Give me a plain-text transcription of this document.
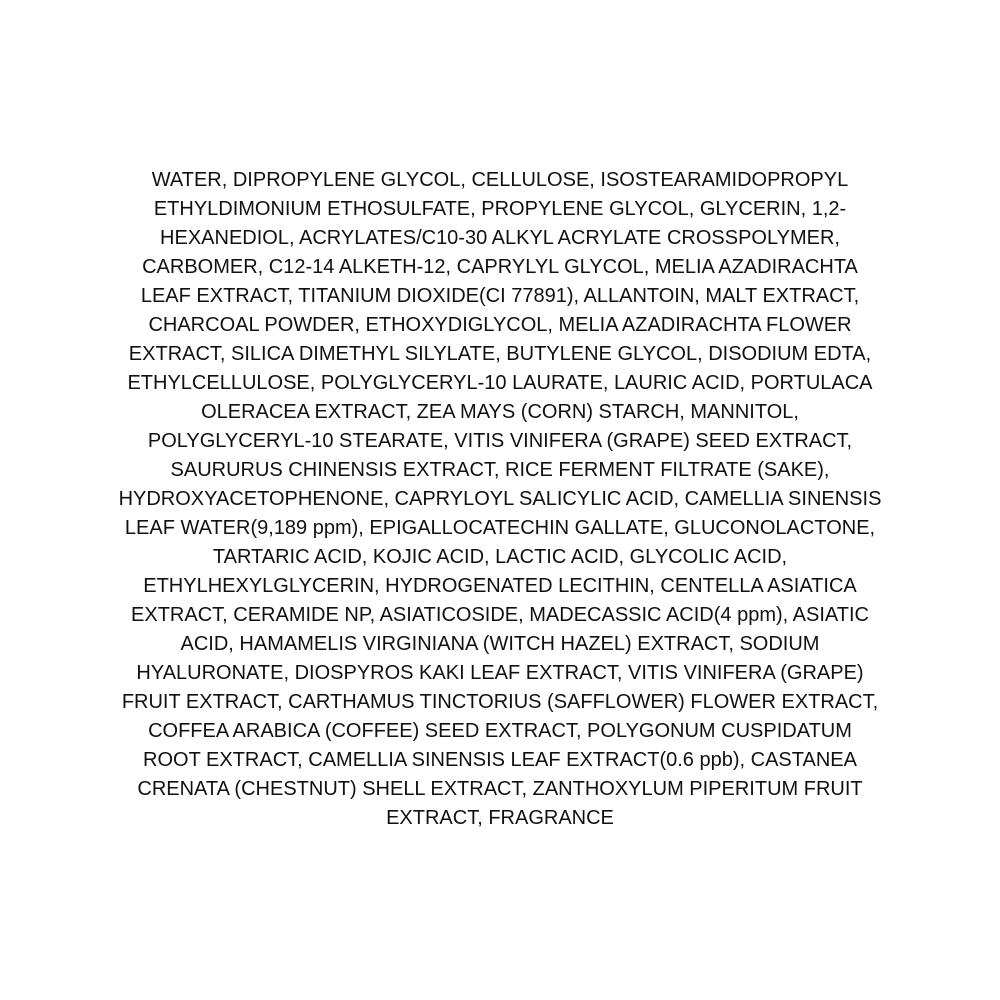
WATER, DIPROPYLENE GLYCOL, CELLULOSE, ISOSTEARAMIDOPROPYL
ETHYLDIMONIUM ETHOSULFATE, PROPYLENE GLYCOL, GLYCERIN, 1,2-
HEXANEDIOL, ACRYLATES/C10-30 ALKYL ACRYLATE CROSSPOLYMER,
CARBOMER, C12-14 ALKETH-12, CAPRYLYL GLYCOL, MELIA AZADIRACHTA
LEAF EXTRACT, TITANIUM DIOXIDE(CI 77891), ALLANTOIN, MALT EXTRACT,
CHARCOAL POWDER, ETHOXYDIGLYCOL, MELIA AZADIRACHTA FLOWER
EXTRACT, SILICA DIMETHYL SILYLATE, BUTYLENE GLYCOL, DISODIUM EDTA,
ETHYLCELLULOSE, POLYGLYCERYL-10 LAURATE, LAURIC ACID, PORTULACA
OLERACEA EXTRACT, ZEA MAYS (CORN) STARCH, MANNITOL,
POLYGLYCERYL-10 STEARATE, VITIS VINIFERA (GRAPE) SEED EXTRACT,
SAURURUS CHINENSIS EXTRACT, RICE FERMENT FILTRATE (SAKE),
HYDROXYACETOPHENONE, CAPRYLOYL SALICYLIC ACID, CAMELLIA SINENSIS
LEAF WATER(9,189 ppm), EPIGALLOCATECHIN GALLATE, GLUCONOLACTONE,
TARTARIC ACID, KOJIC ACID, LACTIC ACID, GLYCOLIC ACID,
ETHYLHEXYLGLYCERIN, HYDROGENATED LECITHIN, CENTELLA ASIATICA
EXTRACT, CERAMIDE NP, ASIATICOSIDE, MADECASSIC ACID(4 ppm), ASIATIC
ACID, HAMAMELIS VIRGINIANA (WITCH HAZEL) EXTRACT, SODIUM
HYALURONATE, DIOSPYROS KAKI LEAF EXTRACT, VITIS VINIFERA (GRAPE)
FRUIT EXTRACT, CARTHAMUS TINCTORIUS (SAFFLOWER) FLOWER EXTRACT,
COFFEA ARABICA (COFFEE) SEED EXTRACT, POLYGONUM CUSPIDATUM
ROOT EXTRACT, CAMELLIA SINENSIS LEAF EXTRACT(0.6 ppb), CASTANEA
CRENATA (CHESTNUT) SHELL EXTRACT, ZANTHOXYLUM PIPERITUM FRUIT
EXTRACT, FRAGRANCE
